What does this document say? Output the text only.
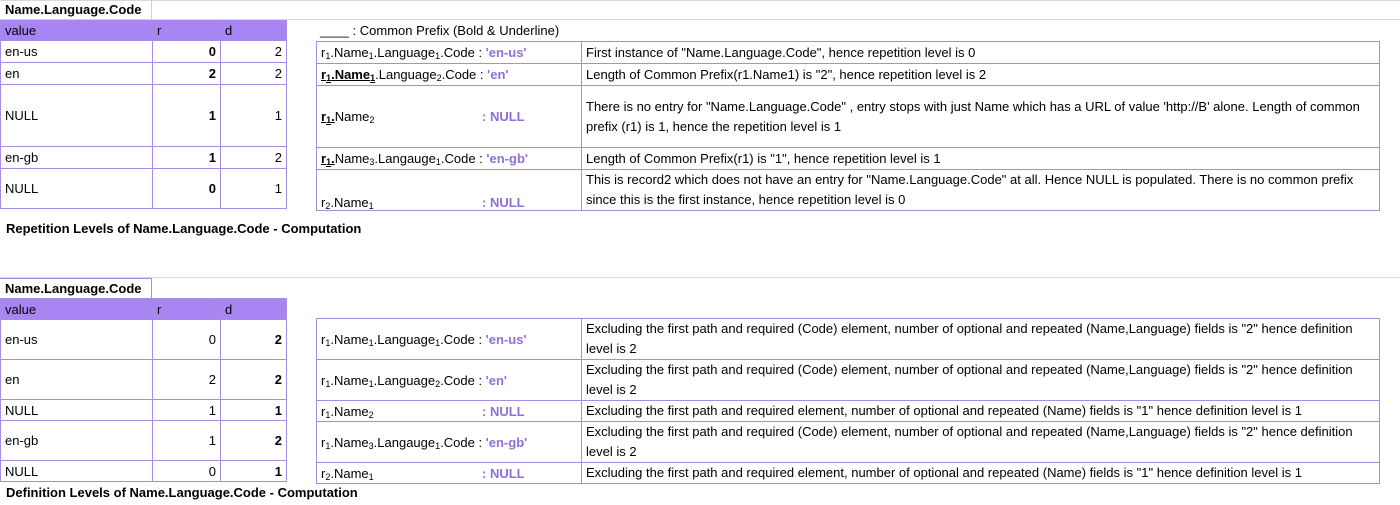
Name.Language.Code
____ : Common Prefix (Bold & Underline)
value	r	d
en-us	0	2
en	2	2
NULL	1	1
en-gb	1	2
NULL	0	1
$r_1.Name_1.Language_1.Code$ : 'en-us'	First instance of "Name.Language.Code", hence repetition level is 0
$r_1.Name_1.Language_2.Code$ : 'en'	Length of Common Prefix(r1.Name1) is "2", hence repetition level is 2
$r_1.Name_2$ : NULL	There is no entry for "Name.Language.Code" , entry stops with just Name which has a URL of value 'http://B' alone. Length of common prefix (r1) is 1, hence the repetition level is 1
$r_1.Name_3.Langauge_1.Code$ : 'en-gb'	Length of Common Prefix(r1) is "1", hence repetition level is 1
$r_2.Name_1$ : NULL	This is record2 which does not have an entry for "Name.Language.Code" at all. Hence NULL is populated. There is no common prefix since this is the first instance, hence repetition level is 0
Repetition Levels of Name.Language.Code - Computation
Name.Language.Code
value	r	d
en-us	0	2
en	2	2
NULL	1	1
en-gb	1	2
NULL	0	1
$r_1.Name_1.Language_1.Code$ : 'en-us'	Excluding the first path and required (Code) element, number of optional and repeated (Name,Language) fields is "2" hence definition level is 2
$r_1.Name_1.Language_2.Code$ : 'en'	Excluding the first path and required (Code) element, number of optional and repeated (Name,Language) fields is "2" hence definition level is 2
$r_1.Name_2$ : NULL	Excluding the first path and required element, number of optional and repeated (Name) fields is "1" hence definition level is 1
$r_1.Name_3.Langauge_1.Code$ : 'en-gb'	Excluding the first path and required (Code) element, number of optional and repeated (Name,Language) fields is "2" hence definition level is 2
$r_2.Name_1$ : NULL	Excluding the first path and required element, number of optional and repeated (Name) fields is "1" hence definition level is 1
Definition Levels of Name.Language.Code - Computation
